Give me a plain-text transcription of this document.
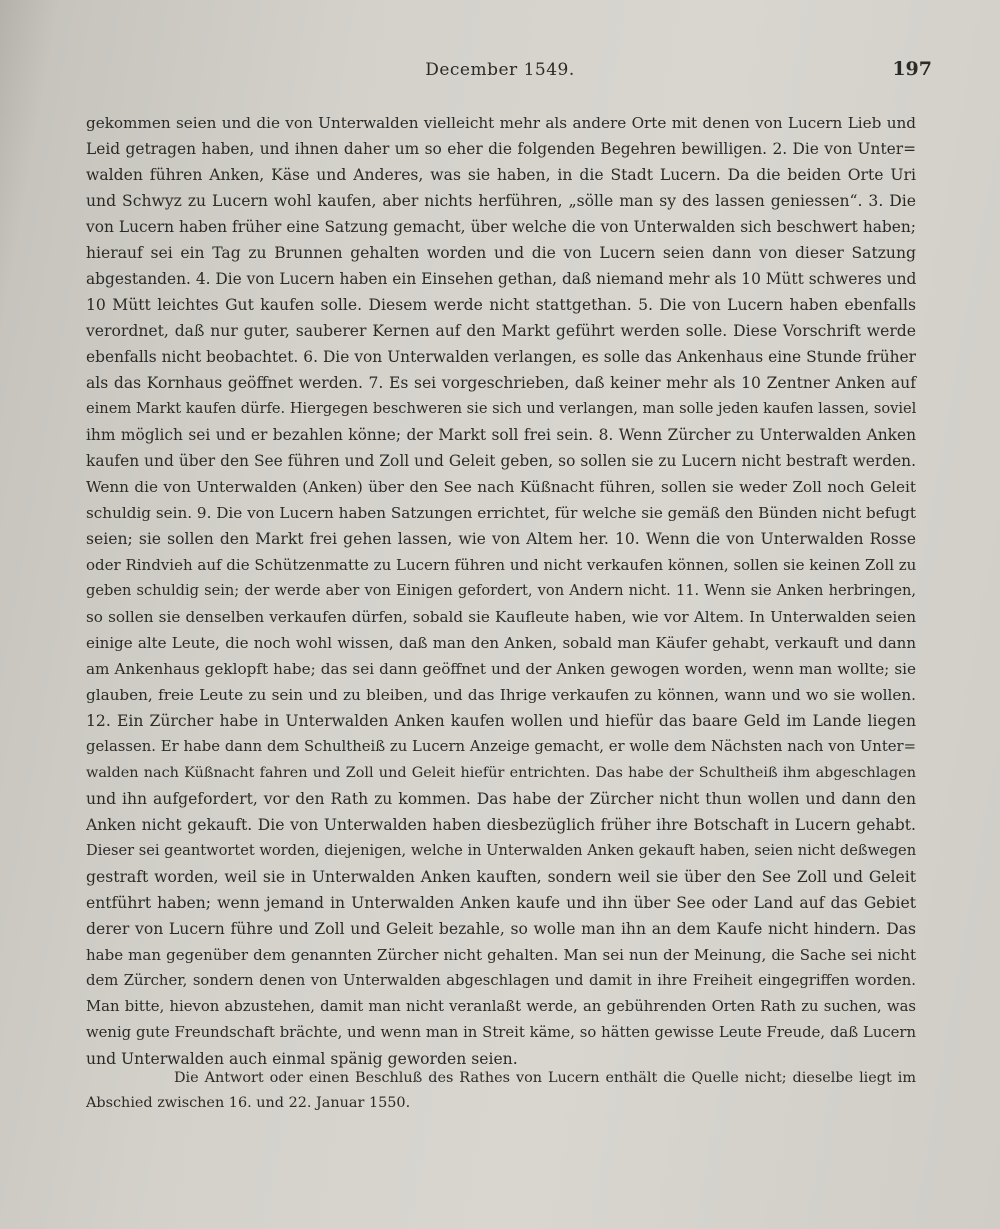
December 1549.	197
gekommen seien und die von Unterwalden vielleicht mehr als andere Orte mit denen von Lucern Lieb und
Leid getragen haben, und ihnen daher um so eher die folgenden Begehren bewilligen. 2. Die von Unter=
walden führen Anken, Käse und Anderes, was sie haben, in die Stadt Lucern. Da die beiden Orte Uri
und Schwyz zu Lucern wohl kaufen, aber nichts herführen, „sölle man sy des lassen geniessen“. 3. Die
von Lucern haben früher eine Satzung gemacht, über welche die von Unterwalden sich beschwert haben;
hierauf sei ein Tag zu Brunnen gehalten worden und die von Lucern seien dann von dieser Satzung
abgestanden. 4. Die von Lucern haben ein Einsehen gethan, daß niemand mehr als 10 Mütt schweres und
10 Mütt leichtes Gut kaufen solle. Diesem werde nicht stattgethan. 5. Die von Lucern haben ebenfalls
verordnet, daß nur guter, sauberer Kernen auf den Markt geführt werden solle. Diese Vorschrift werde
ebenfalls nicht beobachtet. 6. Die von Unterwalden verlangen, es solle das Ankenhaus eine Stunde früher
als das Kornhaus geöffnet werden. 7. Es sei vorgeschrieben, daß keiner mehr als 10 Zentner Anken auf
einem Markt kaufen dürfe. Hiergegen beschweren sie sich und verlangen, man solle jeden kaufen lassen, soviel
ihm möglich sei und er bezahlen könne; der Markt soll frei sein. 8. Wenn Zürcher zu Unterwalden Anken
kaufen und über den See führen und Zoll und Geleit geben, so sollen sie zu Lucern nicht bestraft werden.
Wenn die von Unterwalden (Anken) über den See nach Küßnacht führen, sollen sie weder Zoll noch Geleit
schuldig sein. 9. Die von Lucern haben Satzungen errichtet, für welche sie gemäß den Bünden nicht befugt
seien; sie sollen den Markt frei gehen lassen, wie von Altem her. 10. Wenn die von Unterwalden Rosse
oder Rindvieh auf die Schützenmatte zu Lucern führen und nicht verkaufen können, sollen sie keinen Zoll zu
geben schuldig sein; der werde aber von Einigen gefordert, von Andern nicht. 11. Wenn sie Anken herbringen,
so sollen sie denselben verkaufen dürfen, sobald sie Kaufleute haben, wie vor Altem. In Unterwalden seien
einige alte Leute, die noch wohl wissen, daß man den Anken, sobald man Käufer gehabt, verkauft und dann
am Ankenhaus geklopft habe; das sei dann geöffnet und der Anken gewogen worden, wenn man wollte; sie
glauben, freie Leute zu sein und zu bleiben, und das Ihrige verkaufen zu können, wann und wo sie wollen.
12. Ein Zürcher habe in Unterwalden Anken kaufen wollen und hiefür das baare Geld im Lande liegen
gelassen. Er habe dann dem Schultheiß zu Lucern Anzeige gemacht, er wolle dem Nächsten nach von Unter=
walden nach Küßnacht fahren und Zoll und Geleit hiefür entrichten. Das habe der Schultheiß ihm abgeschlagen
und ihn aufgefordert, vor den Rath zu kommen. Das habe der Zürcher nicht thun wollen und dann den
Anken nicht gekauft. Die von Unterwalden haben diesbezüglich früher ihre Botschaft in Lucern gehabt.
Dieser sei geantwortet worden, diejenigen, welche in Unterwalden Anken gekauft haben, seien nicht deßwegen
gestraft worden, weil sie in Unterwalden Anken kauften, sondern weil sie über den See Zoll und Geleit
entführt haben; wenn jemand in Unterwalden Anken kaufe und ihn über See oder Land auf das Gebiet
derer von Lucern führe und Zoll und Geleit bezahle, so wolle man ihn an dem Kaufe nicht hindern. Das
habe man gegenüber dem genannten Zürcher nicht gehalten. Man sei nun der Meinung, die Sache sei nicht
dem Zürcher, sondern denen von Unterwalden abgeschlagen und damit in ihre Freiheit eingegriffen worden.
Man bitte, hievon abzustehen, damit man nicht veranlaßt werde, an gebührenden Orten Rath zu suchen, was
wenig gute Freundschaft brächte, und wenn man in Streit käme, so hätten gewisse Leute Freude, daß Lucern
und Unterwalden auch einmal spänig geworden seien.
Die Antwort oder einen Beschluß des Rathes von Lucern enthält die Quelle nicht; dieselbe liegt im
Abschied zwischen 16. und 22. Januar 1550.
